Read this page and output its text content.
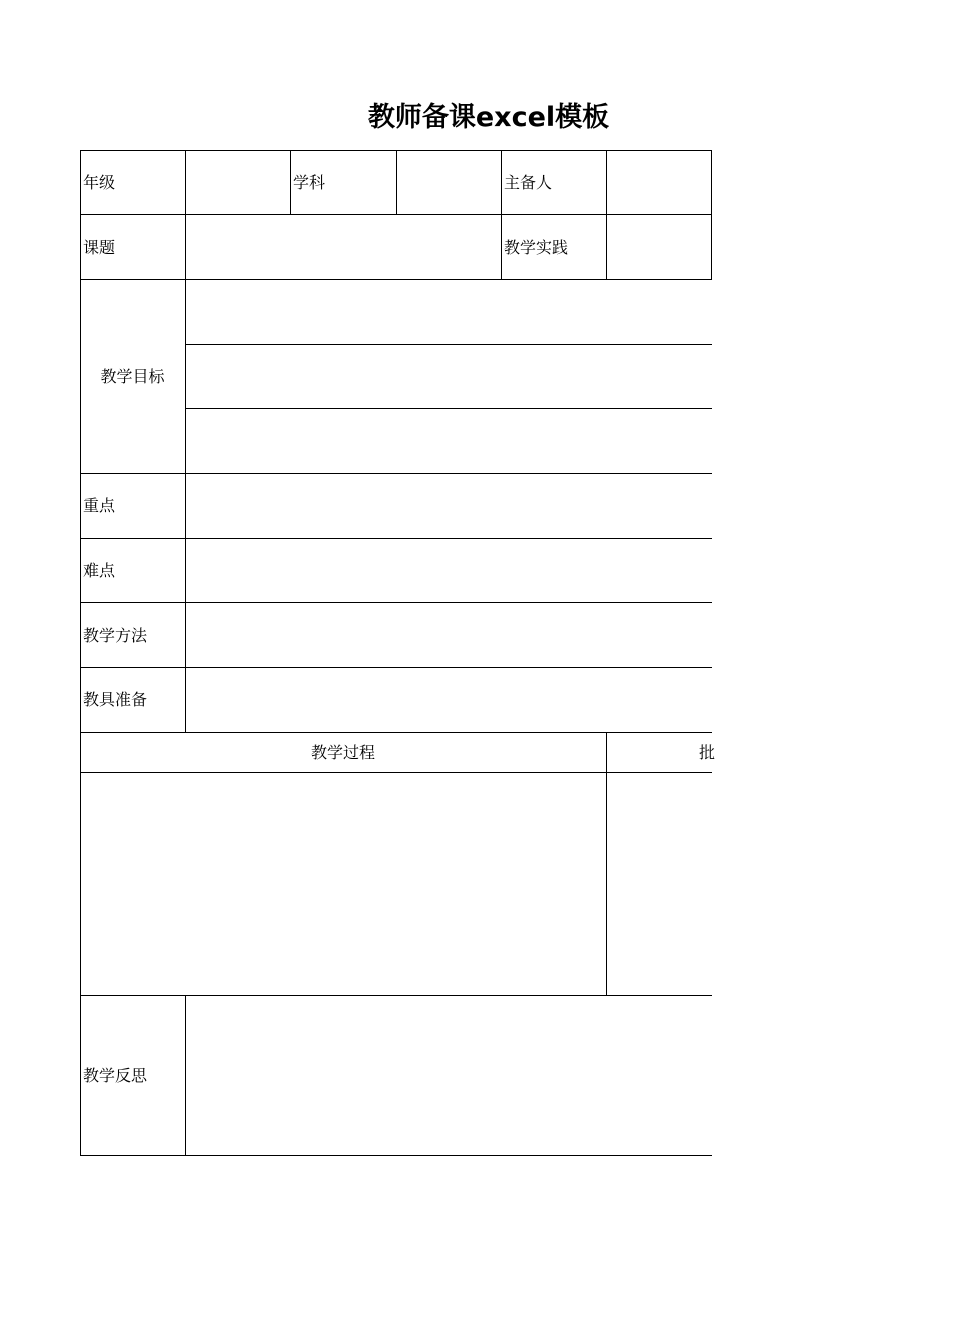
教师备课excel模板
年级	学科	主备人
课题	教学实践
教学目标
重点
难点
教学方法
教具准备
教学过程	批
教学反思
